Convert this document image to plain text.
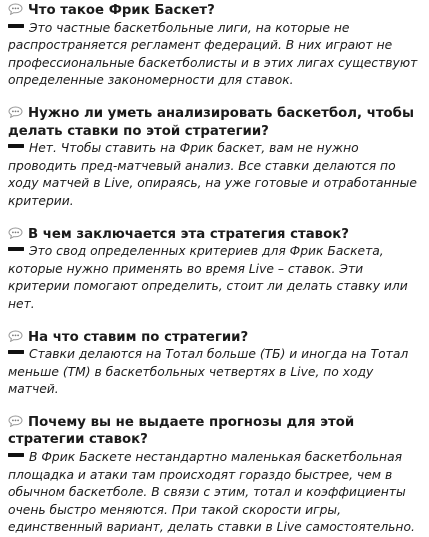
Что такое Фрик Баскет?

Это частные баскетбольные лиги, на которые не распространяется регламент федераций. В них играют не профессиональные баскетболисты и в этих лигах существуют определенные закономерности для ставок.

Нужно ли уметь анализировать баскетбол, чтобы делать ставки по этой стратегии?

Нет. Чтобы ставить на Фрик баскет, вам не нужно проводить пред-матчевый анализ. Все ставки делаются по ходу матчей в Live, опираясь, на уже готовые и отработанные критерии.

В чем заключается эта стратегия ставок?

Это свод определенных критериев для Фрик Баскета, которые нужно применять во время Live – ставок. Эти критерии помогают определить, стоит ли делать ставку или нет.

На что ставим по стратегии?

Ставки делаются на Тотал больше (ТБ) и иногда на Тотал меньше (ТМ) в баскетбольных четвертях в Live, по ходу матчей.

Почему вы не выдаете прогнозы для этой стратегии ставок?

В Фрик Баскете нестандартно маленькая баскетбольная площадка и атаки там происходят гораздо быстрее, чем в обычном баскетболе. В связи с этим, тотал и коэффициенты очень быстро меняются. При такой скорости игры, единственный вариант, делать ставки в Live самостоятельно.
